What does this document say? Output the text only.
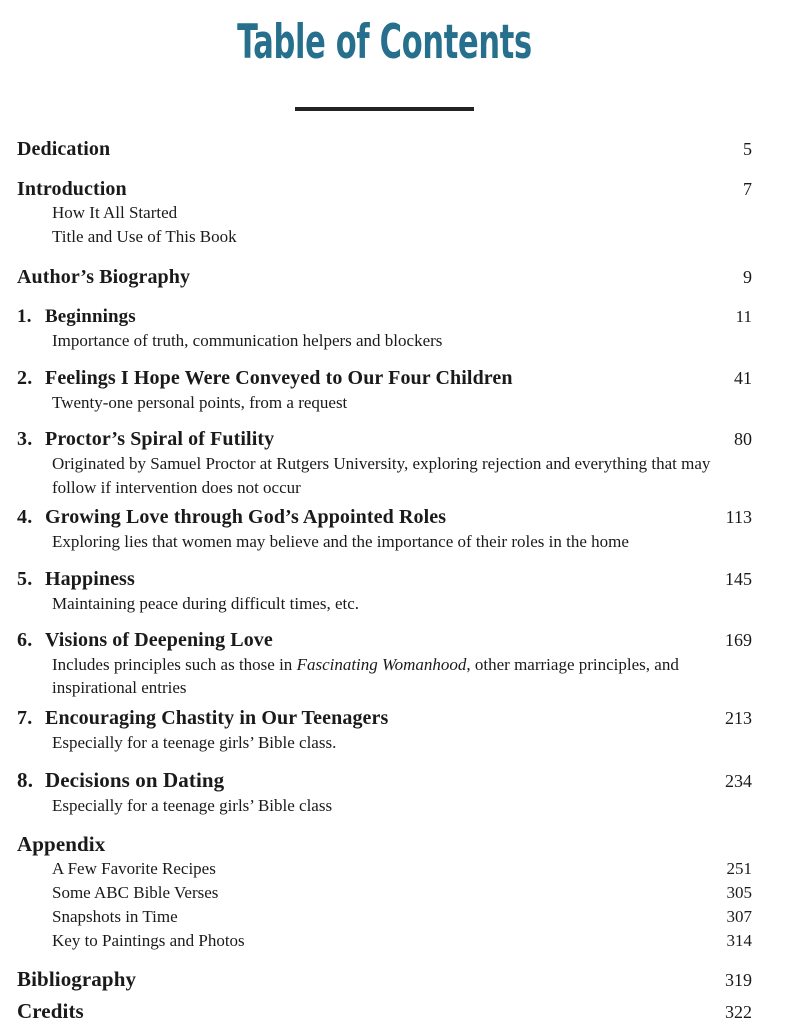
Table of Contents
Dedication	5
Introduction	7
How It All Started
Title and Use of This Book
Author’s Biography	9
1. Beginnings	11
Importance of truth, communication helpers and blockers
2. Feelings I Hope Were Conveyed to Our Four Children	41
Twenty-one personal points, from a request
3. Proctor’s Spiral of Futility	80
Originated by Samuel Proctor at Rutgers University, exploring rejection and everything that may follow if intervention does not occur
4. Growing Love through God’s Appointed Roles	113
Exploring lies that women may believe and the importance of their roles in the home
5. Happiness	145
Maintaining peace during difficult times, etc.
6. Visions of Deepening Love	169
Includes principles such as those in Fascinating Womanhood, other marriage principles, and inspirational entries
7. Encouraging Chastity in Our Teenagers	213
Especially for a teenage girls’ Bible class.
8. Decisions on Dating	234
Especially for a teenage girls’ Bible class
Appendix
A Few Favorite Recipes	251
Some ABC Bible Verses	305
Snapshots in Time	307
Key to Paintings and Photos	314
Bibliography	319
Credits	322
